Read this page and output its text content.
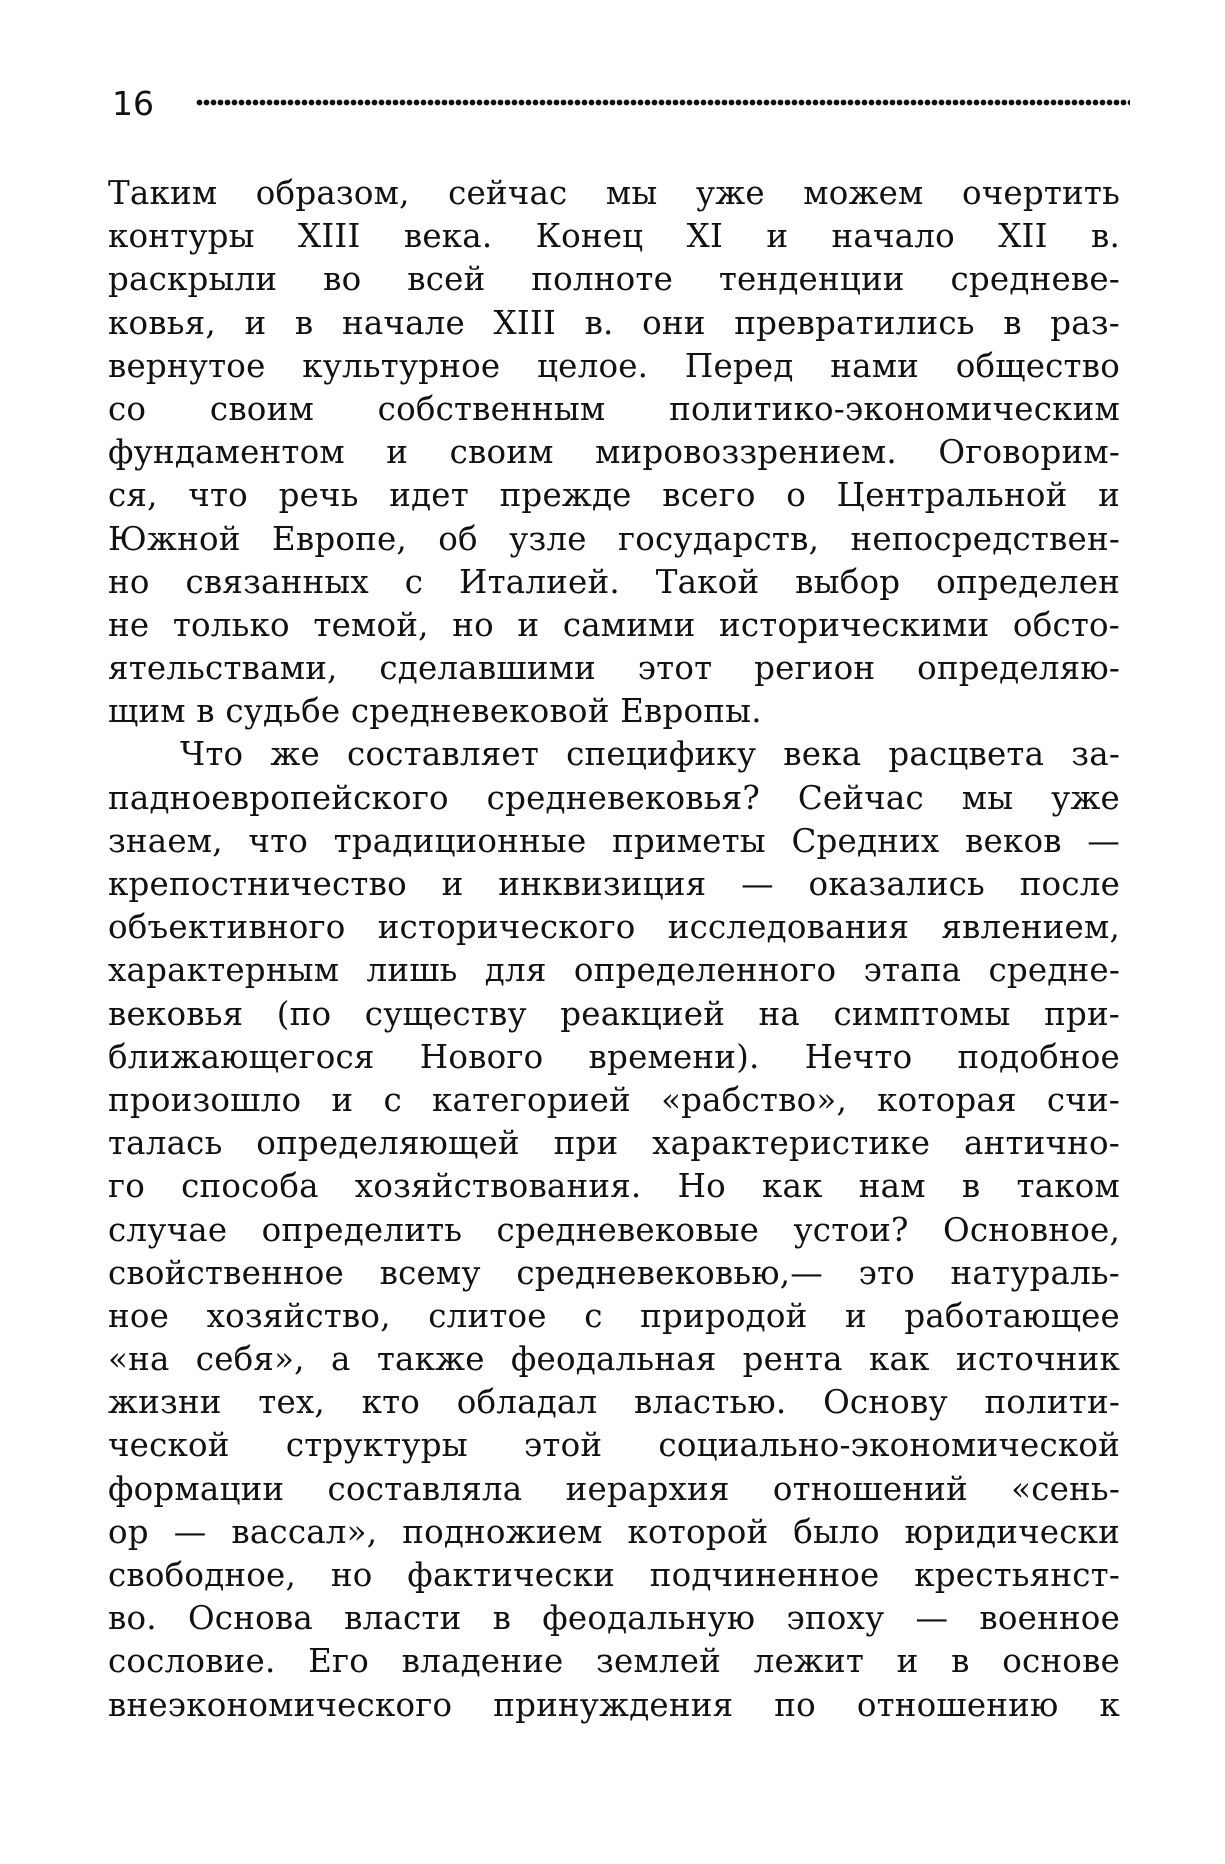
16

Таким образом, сейчас мы уже можем очертить
контуры XIII века. Конец XI и начало XII в.
раскрыли во всей полноте тенденции средневе-
ковья, и в начале XIII в. они превратились в раз-
вернутое культурное целое. Перед нами общество
со своим собственным политико-экономическим
фундаментом и своим мировоззрением. Оговорим-
ся, что речь идет прежде всего о Центральной и
Южной Европе, об узле государств, непосредствен-
но связанных с Италией. Такой выбор определен
не только темой, но и самими историческими обсто-
ятельствами, сделавшими этот регион определяю-
щим в судьбе средневековой Европы.

Что же составляет специфику века расцвета за-
падноевропейского средневековья? Сейчас мы уже
знаем, что традиционные приметы Средних веков —
крепостничество и инквизиция — оказались после
объективного исторического исследования явлением,
характерным лишь для определенного этапа средне-
вековья (по существу реакцией на симптомы при-
ближающегося Нового времени). Нечто подобное
произошло и с категорией «рабство», которая счи-
талась определяющей при характеристике антично-
го способа хозяйствования. Но как нам в таком
случае определить средневековые устои? Основное,
свойственное всему средневековью,— это натураль-
ное хозяйство, слитое с природой и работающее
«на себя», а также феодальная рента как источник
жизни тех, кто обладал властью. Основу полити-
ческой структуры этой социально-экономической
формации составляла иерархия отношений «сень-
ор — вассал», подножием которой было юридически
свободное, но фактически подчиненное крестьянст-
во. Основа власти в феодальную эпоху — военное
сословие. Его владение землей лежит и в основе
внеэкономического принуждения по отношению к
